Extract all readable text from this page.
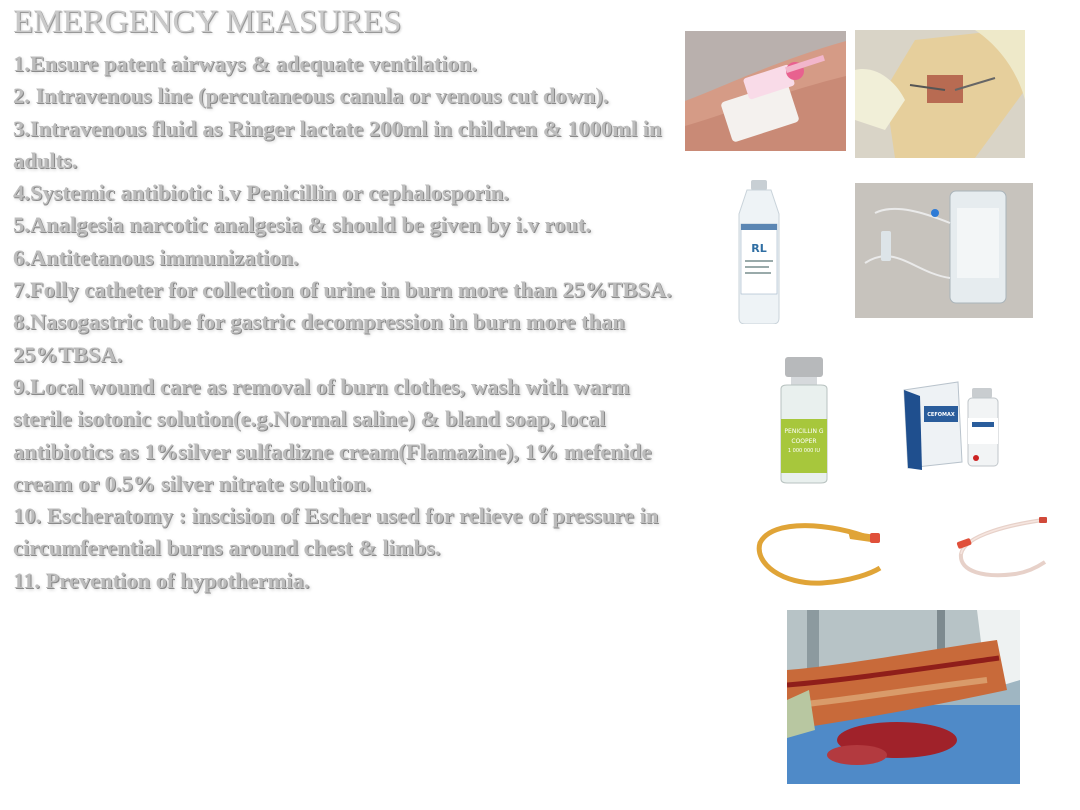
EMERGENCY MEASURES
1.Ensure patent airways & adequate ventilation.
2. Intravenous line (percutaneous canula or venous cut down).
3.Intravenous fluid as Ringer lactate 200ml in children & 1000ml in adults.
4.Systemic antibiotic i.v Penicillin or cephalosporin.
5.Analgesia narcotic analgesia & should be given by i.v rout.
6.Antitetanous immunization.
7.Folly catheter for collection of urine in burn more than 25%TBSA.
8.Nasogastric tube for gastric decompression in burn more than 25%TBSA.
9.Local wound care as removal of burn clothes, wash with warm sterile isotonic solution(e.g.Normal saline) & bland soap, local antibiotics as 1%silver sulfadizne cream(Flamazine), 1% mefenide cream or 0.5% silver nitrate solution.
10. Escheratomy : inscision of Escher used for relieve of pressure in circumferential burns around chest & limbs.
11. Prevention of hypothermia.
RL
PENICILLIN G
COOPER
1 000 000 IU
CEFOMAX
